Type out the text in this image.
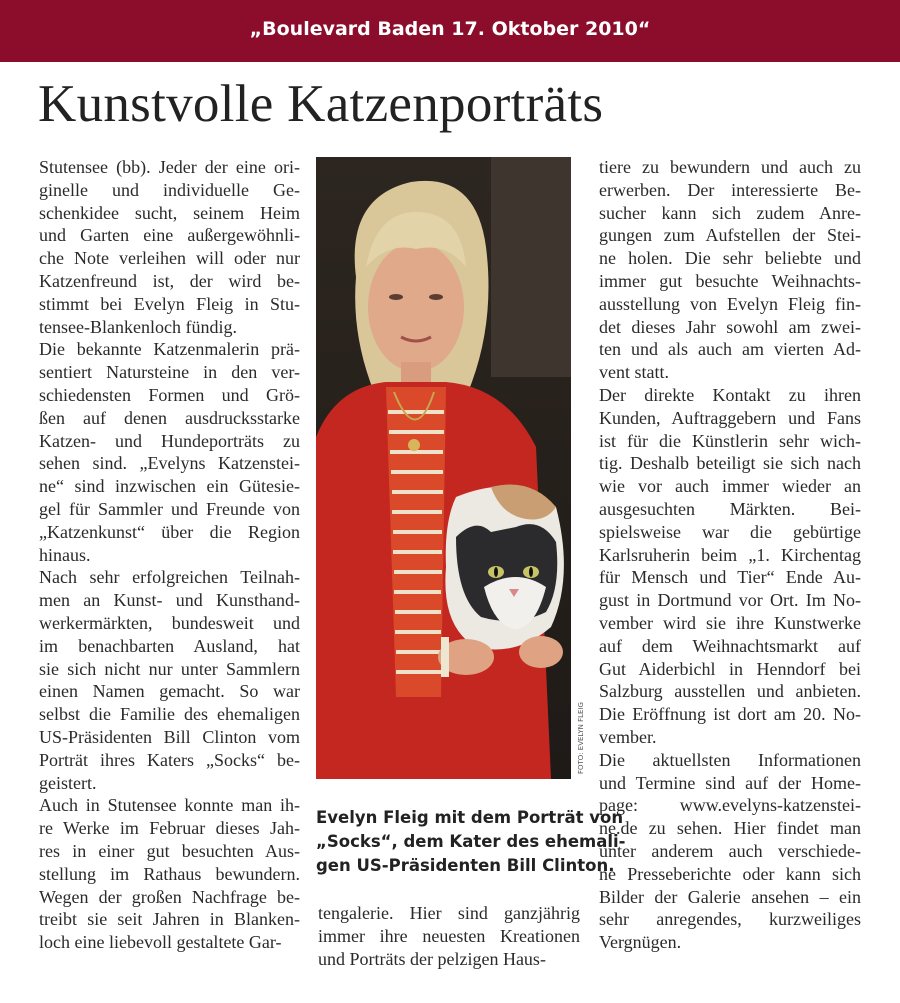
„Boulevard Baden 17. Oktober 2010“
Kunstvolle Katzenporträts
Stutensee (bb). Jeder der eine ori-
ginelle und individuelle Ge-
schenkidee sucht, seinem Heim
und Garten eine außergewöhnli-
che Note verleihen will oder nur
Katzenfreund ist, der wird be-
stimmt bei Evelyn Fleig in Stu-
tensee-Blankenloch fündig.
Die bekannte Katzenmalerin prä-
sentiert Natursteine in den ver-
schiedensten Formen und Grö-
ßen auf denen ausdrucksstarke
Katzen- und Hundeporträts zu
sehen sind. „Evelyns Katzenstei-
ne“ sind inzwischen ein Gütesie-
gel für Sammler und Freunde von
„Katzenkunst“ über die Region
hinaus.
Nach sehr erfolgreichen Teilnah-
men an Kunst- und Kunsthand-
werkermärkten, bundesweit und
im benachbarten Ausland, hat
sie sich nicht nur unter Sammlern
einen Namen gemacht. So war
selbst die Familie des ehemaligen
US-Präsidenten Bill Clinton vom
Porträt ihres Katers „Socks“ be-
geistert.
Auch in Stutensee konnte man ih-
re Werke im Februar dieses Jah-
res in einer gut besuchten Aus-
stellung im Rathaus bewundern.
Wegen der großen Nachfrage be-
treibt sie seit Jahren in Blanken-
loch eine liebevoll gestaltete Gar-
FOTO: EVELYN FLEIG
Evelyn Fleig mit dem Porträt von
„Socks“, dem Kater des ehemali-
gen US-Präsidenten Bill Clinton.
tengalerie. Hier sind ganzjährig
immer ihre neuesten Kreationen
und Porträts der pelzigen Haus-
tiere zu bewundern und auch zu
erwerben. Der interessierte Be-
sucher kann sich zudem Anre-
gungen zum Aufstellen der Stei-
ne holen. Die sehr beliebte und
immer gut besuchte Weihnachts-
ausstellung von Evelyn Fleig fin-
det dieses Jahr sowohl am zwei-
ten und als auch am vierten Ad-
vent statt.
Der direkte Kontakt zu ihren
Kunden, Auftraggebern und Fans
ist für die Künstlerin sehr wich-
tig. Deshalb beteiligt sie sich nach
wie vor auch immer wieder an
ausgesuchten Märkten. Bei-
spielsweise war die gebürtige
Karlsruherin beim „1. Kirchentag
für Mensch und Tier“ Ende Au-
gust in Dortmund vor Ort. Im No-
vember wird sie ihre Kunstwerke
auf dem Weihnachtsmarkt auf
Gut Aiderbichl in Henndorf bei
Salzburg ausstellen und anbieten.
Die Eröffnung ist dort am 20. No-
vember.
Die aktuellsten Informationen
und Termine sind auf der Home-
page: www.evelyns-katzenstei-
ne.de zu sehen. Hier findet man
unter anderem auch verschiede-
ne Presseberichte oder kann sich
Bilder der Galerie ansehen – ein
sehr anregendes, kurzweiliges
Vergnügen.
